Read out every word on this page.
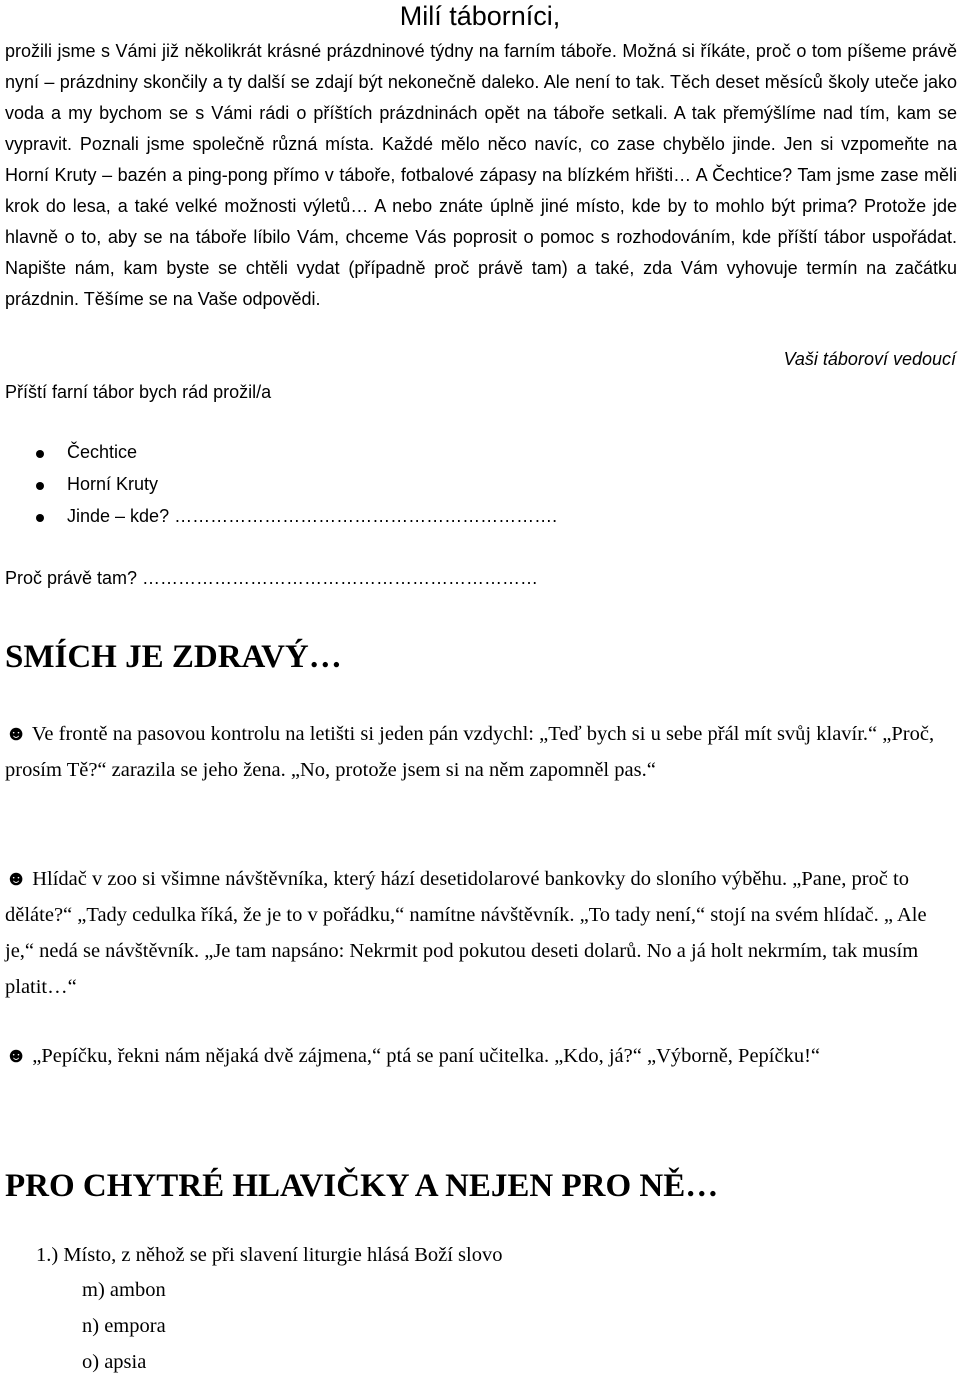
Milí táborníci,
prožili jsme s Vámi již několikrát krásné prázdninové týdny na farním táboře. Možná si říkáte, proč o tom píšeme právě nyní – prázdniny skončily a ty další se zdají být nekonečně daleko. Ale není to tak. Těch deset měsíců školy uteče jako voda a my bychom se s Vámi rádi o příštích prázdninách opět na táboře setkali. A tak přemýšlíme nad tím, kam se vypravit. Poznali jsme společně různá místa. Každé mělo něco navíc, co zase chybělo jinde. Jen si vzpomeňte na Horní Kruty – bazén a ping-pong přímo v táboře, fotbalové zápasy na blízkém hřišti… A Čechtice? Tam jsme zase měli krok do lesa, a také velké možnosti výletů… A nebo znáte úplně jiné místo, kde by to mohlo být prima? Protože jde hlavně o to, aby se na táboře líbilo Vám, chceme Vás poprosit o pomoc s rozhodováním, kde příští tábor uspořádat. Napište nám, kam byste se chtěli vydat (případně proč právě tam) a také, zda Vám vyhovuje termín na začátku prázdnin. Těšíme se na Vaše odpovědi.
Vaši táboroví vedoucí
Příští farní tábor bych rád prožil/a
Čechtice
Horní Kruty
Jinde – kde? ……………………………………………………….
Proč právě tam? …………………………………………………………
SMÍCH JE ZDRAVÝ…
☻ Ve frontě na pasovou kontrolu na letišti si jeden pán vzdychl: „Teď bych si u sebe přál mít svůj klavír.“ „Proč, prosím Tě?“ zarazila se jeho žena. „No, protože jsem si na něm zapomněl pas.“
☻ Hlídač v zoo si všimne návštěvníka, který hází desetidolarové bankovky do sloního výběhu. „Pane, proč to děláte?“ „Tady cedulka říká, že je to v pořádku,“ namítne návštěvník. „To tady není,“ stojí na svém hlídač. „ Ale je,“ nedá se návštěvník. „Je tam napsáno: Nekrmit pod pokutou deseti dolarů. No a já holt nekrmím, tak musím platit…“
☻ „Pepíčku, řekni nám nějaká dvě zájmena,“ ptá se paní učitelka. „Kdo, já?“ „Výborně, Pepíčku!“
PRO CHYTRÉ HLAVIČKY A NEJEN PRO NĚ…
1.) Místo, z něhož se při slavení liturgie hlásá Boží slovo
m) ambon
n) empora
o) apsia
